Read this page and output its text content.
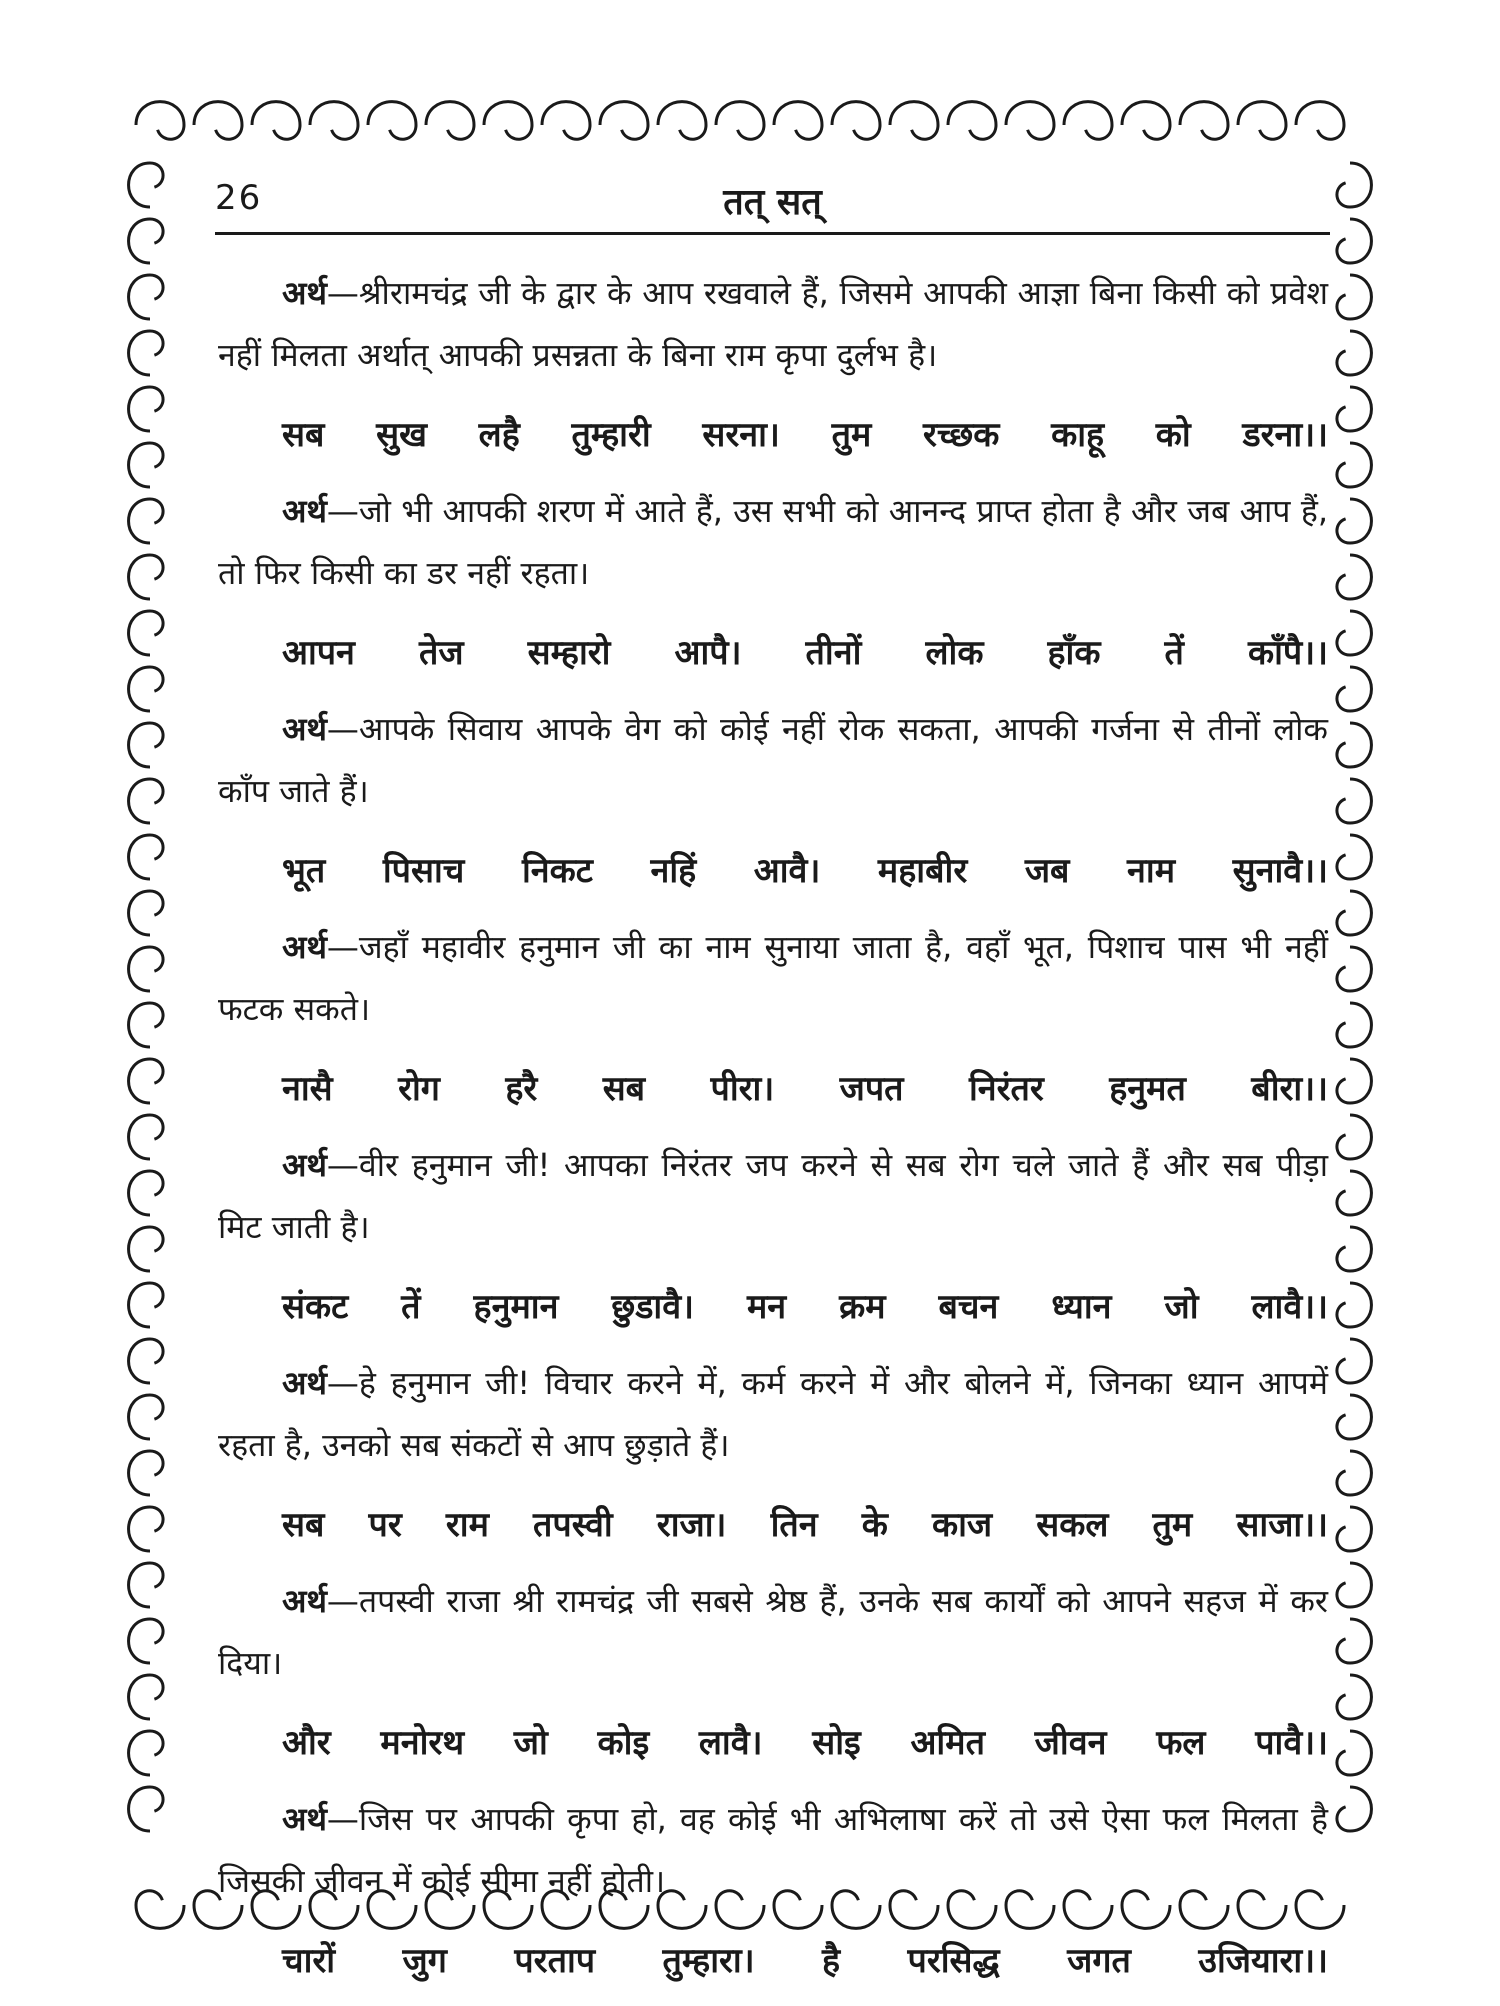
26	तत् सत्

अर्थ—श्रीरामचंद्र जी के द्वार के आप रखवाले हैं, जिसमे आपकी आज्ञा बिना किसी को प्रवेश नहीं मिलता अर्थात् आपकी प्रसन्नता के बिना राम कृपा दुर्लभ है।

सब सुख लहै तुम्हारी सरना। तुम रच्छक काहू को डरना।।

अर्थ—जो भी आपकी शरण में आते हैं, उस सभी को आनन्द प्राप्त होता है और जब आप हैं, तो फिर किसी का डर नहीं रहता।

आपन तेज सम्हारो आपै। तीनों लोक हाँक तें काँपै।।

अर्थ—आपके सिवाय आपके वेग को कोई नहीं रोक सकता, आपकी गर्जना से तीनों लोक काँप जाते हैं।

भूत पिसाच निकट नहिं आवै। महाबीर जब नाम सुनावै।।

अर्थ—जहाँ महावीर हनुमान जी का नाम सुनाया जाता है, वहाँ भूत, पिशाच पास भी नहीं फटक सकते।

नासै रोग हरै सब पीरा। जपत निरंतर हनुमत बीरा।।

अर्थ—वीर हनुमान जी! आपका निरंतर जप करने से सब रोग चले जाते हैं और सब पीड़ा मिट जाती है।

संकट तें हनुमान छुडावै। मन क्रम बचन ध्यान जो लावै।।

अर्थ—हे हनुमान जी! विचार करने में, कर्म करने में और बोलने में, जिनका ध्यान आपमें रहता है, उनको सब संकटों से आप छुड़ाते हैं।

सब पर राम तपस्वी राजा। तिन के काज सकल तुम साजा।।

अर्थ—तपस्वी राजा श्री रामचंद्र जी सबसे श्रेष्ठ हैं, उनके सब कार्यों को आपने सहज में कर दिया।

और मनोरथ जो कोइ लावै। सोइ अमित जीवन फल पावै।।

अर्थ—जिस पर आपकी कृपा हो, वह कोई भी अभिलाषा करें तो उसे ऐसा फल मिलता है जिसकी जीवन में कोई सीमा नहीं होती।

चारों जुग परताप तुम्हारा। है परसिद्ध जगत उजियारा।।
